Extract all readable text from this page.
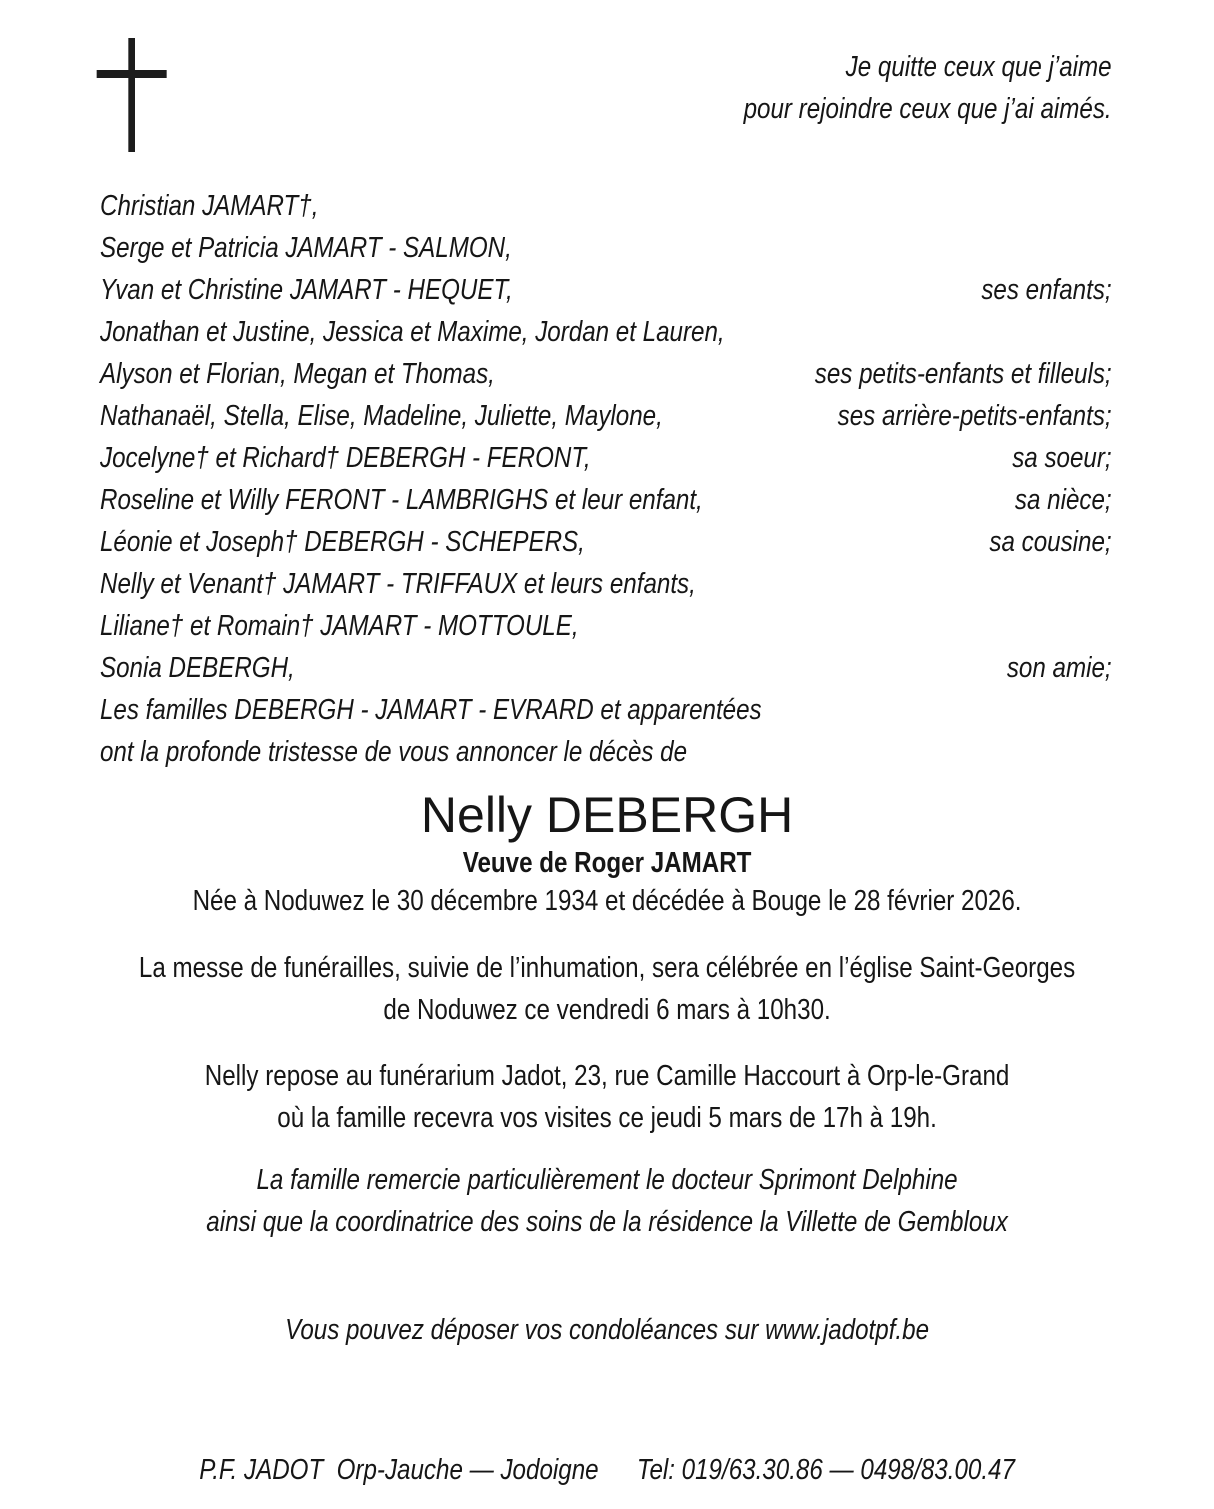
Je quitte ceux que j’aime
pour rejoindre ceux que j’ai aimés.
Christian JAMART†,
Serge et Patricia JAMART - SALMON,
Yvan et Christine JAMART - HEQUET,	ses enfants;
Jonathan et Justine, Jessica et Maxime, Jordan et Lauren,
Alyson et Florian, Megan et Thomas,	ses petits-enfants et filleuls;
Nathanaël, Stella, Elise, Madeline, Juliette, Maylone,	ses arrière-petits-enfants;
Jocelyne† et Richard† DEBERGH - FERONT,	sa soeur;
Roseline et Willy FERONT - LAMBRIGHS et leur enfant,	sa nièce;
Léonie et Joseph† DEBERGH - SCHEPERS,	sa cousine;
Nelly et Venant† JAMART - TRIFFAUX et leurs enfants,
Liliane† et Romain† JAMART - MOTTOULE,
Sonia DEBERGH,	son amie;
Les familles DEBERGH - JAMART - EVRARD et apparentées
ont la profonde tristesse de vous annoncer le décès de
Nelly DEBERGH
Veuve de Roger JAMART
Née à Noduwez le 30 décembre 1934 et décédée à Bouge le 28 février 2026.
La messe de funérailles, suivie de l’inhumation, sera célébrée en l’église Saint-Georges
de Noduwez ce vendredi 6 mars à 10h30.
Nelly repose au funérarium Jadot, 23, rue Camille Haccourt à Orp-le-Grand
où la famille recevra vos visites ce jeudi 5 mars de 17h à 19h.
La famille remercie particulièrement le docteur Sprimont Delphine
ainsi que la coordinatrice des soins de la résidence la Villette de Gembloux
Vous pouvez déposer vos condoléances sur www.jadotpf.be
P.F. JADOT  Orp-Jauche — Jodoigne Tel: 019/63.30.86 — 0498/83.00.47
